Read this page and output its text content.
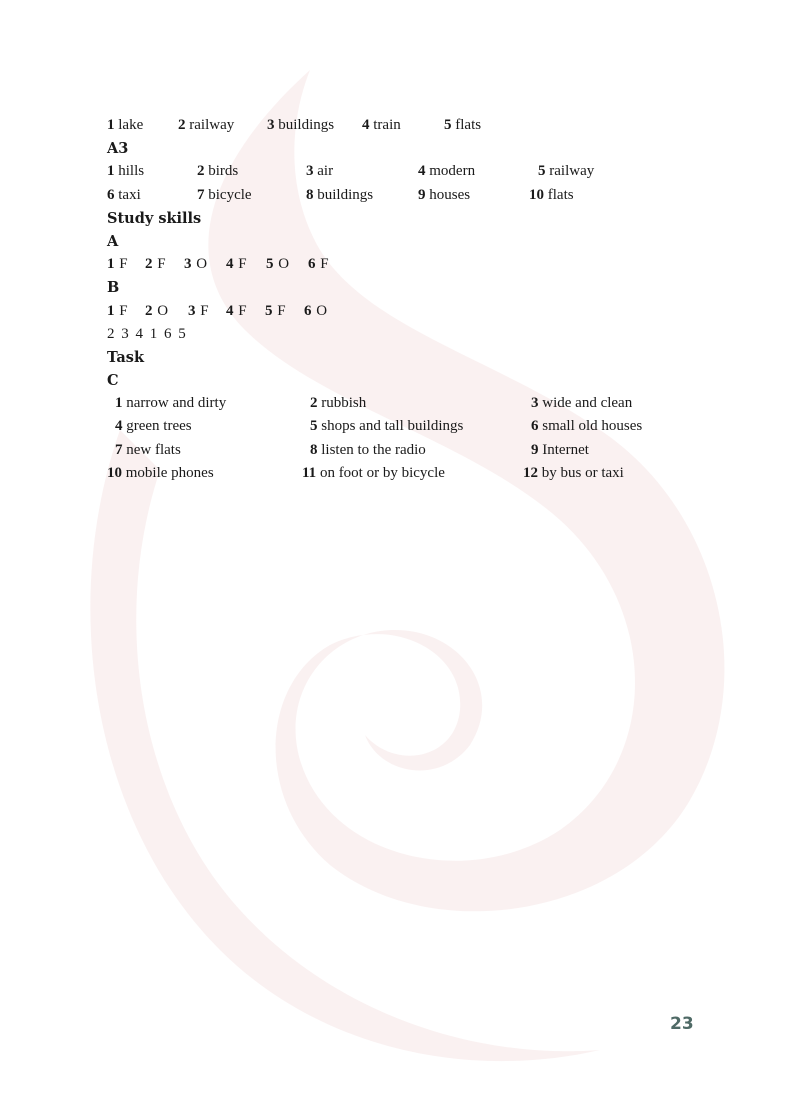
1 lake 2 railway 3 buildings 4 train	5 flats
A3
1 hills	2 birds	3 air	4 modern	5 railway
6 taxi	7 bicycle	8 buildings	9 houses	10 flats
Study skills
A
1 F 2 F 3 O 4 F 5 O 6 F
B
1 F 2 O 3 F 4 F 5 F 6 O
2 3 4 1 6 5
Task
C
1 narrow and dirty	2 rubbish	3 wide and clean
4 green trees	5 shops and tall buildings	6 small old houses
7 new flats	8 listen to the radio	9 Internet
10 mobile phones	11 on foot or by bicycle	12 by bus or taxi
23
